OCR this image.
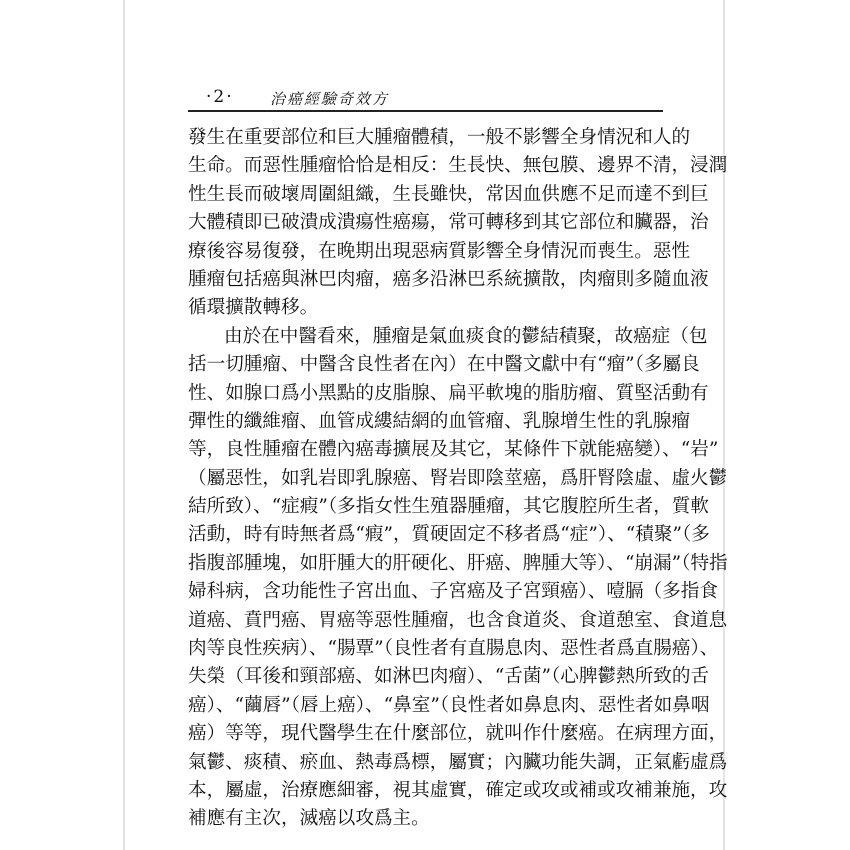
·2· 治癌經驗奇效方
發生在重要部位和巨大腫瘤體積，一般不影響全身情況和人的
生命。而惡性腫瘤恰恰是相反：生長快、無包膜、邊界不清，浸潤
性生長而破壞周圍組織，生長雖快，常因血供應不足而達不到巨
大體積即已破潰成潰瘍性癌瘍，常可轉移到其它部位和臟器，治
療後容易復發，在晚期出現惡病質影響全身情況而喪生。惡性
腫瘤包括癌與淋巴肉瘤，癌多沿淋巴系統擴散，肉瘤則多隨血液
循環擴散轉移。
由於在中醫看來，腫瘤是氣血痰食的鬱結積聚，故癌症（包
括一切腫瘤、中醫含良性者在內）在中醫文獻中有“瘤”（多屬良
性、如腺口爲小黑點的皮脂腺、扁平軟塊的脂肪瘤、質堅活動有
彈性的纖維瘤、血管成縷結網的血管瘤、乳腺增生性的乳腺瘤
等，良性腫瘤在體內癌毒擴展及其它，某條件下就能癌變）、“岩”
（屬惡性，如乳岩即乳腺癌、腎岩即陰莖癌，爲肝腎陰虛、虛火鬱
結所致）、“症瘕”（多指女性生殖器腫瘤，其它腹腔所生者，質軟
活動，時有時無者爲“瘕”，質硬固定不移者爲“症”）、“積聚”（多
指腹部腫塊，如肝腫大的肝硬化、肝癌、脾腫大等）、“崩漏”（特指
婦科病，含功能性子宮出血、子宮癌及子宮頸癌）、噎膈（多指食
道癌、賁門癌、胃癌等惡性腫瘤，也含食道炎、食道憩室、食道息
肉等良性疾病）、“腸覃”（良性者有直腸息肉、惡性者爲直腸癌）、
失榮（耳後和頸部癌、如淋巴肉瘤）、“舌菌”（心脾鬱熱所致的舌
癌）、“繭唇”（唇上癌）、“鼻室”（良性者如鼻息肉、惡性者如鼻咽
癌）等等，現代醫學生在什麼部位，就叫作什麼癌。在病理方面，
氣鬱、痰積、瘀血、熱毒爲標，屬實；內臟功能失調，正氣虧虛爲
本，屬虛，治療應細審，視其虛實，確定或攻或補或攻補兼施，攻
補應有主次，滅癌以攻爲主。
